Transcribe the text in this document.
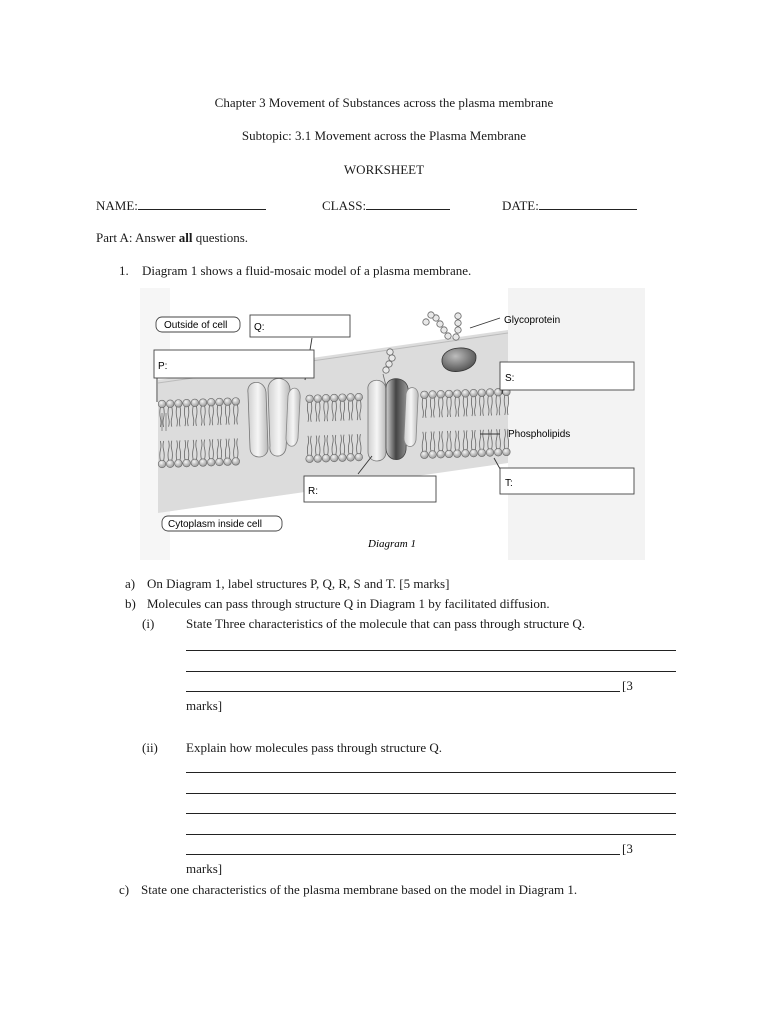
Chapter 3 Movement of Substances across the plasma membrane
Subtopic: 3.1 Movement across the Plasma Membrane
WORKSHEET
NAME:	CLASS:	DATE:
Part A: Answer all questions.
1. Diagram 1 shows a fluid-mosaic model of a plasma membrane.
Outside of cell	Q:
P:
Glycoprotein
S:
Phospholipids
T:
R:
Cytoplasm inside cell
Diagram 1
a) On Diagram 1, label structures P, Q, R, S and T. [5 marks]
b) Molecules can pass through structure Q in Diagram 1 by facilitated diffusion.
(i) State Three characteristics of the molecule that can pass through structure Q.
[3
marks]
(ii) Explain how molecules pass through structure Q.
[3
marks]
c) State one characteristics of the plasma membrane based on the model in Diagram 1.
